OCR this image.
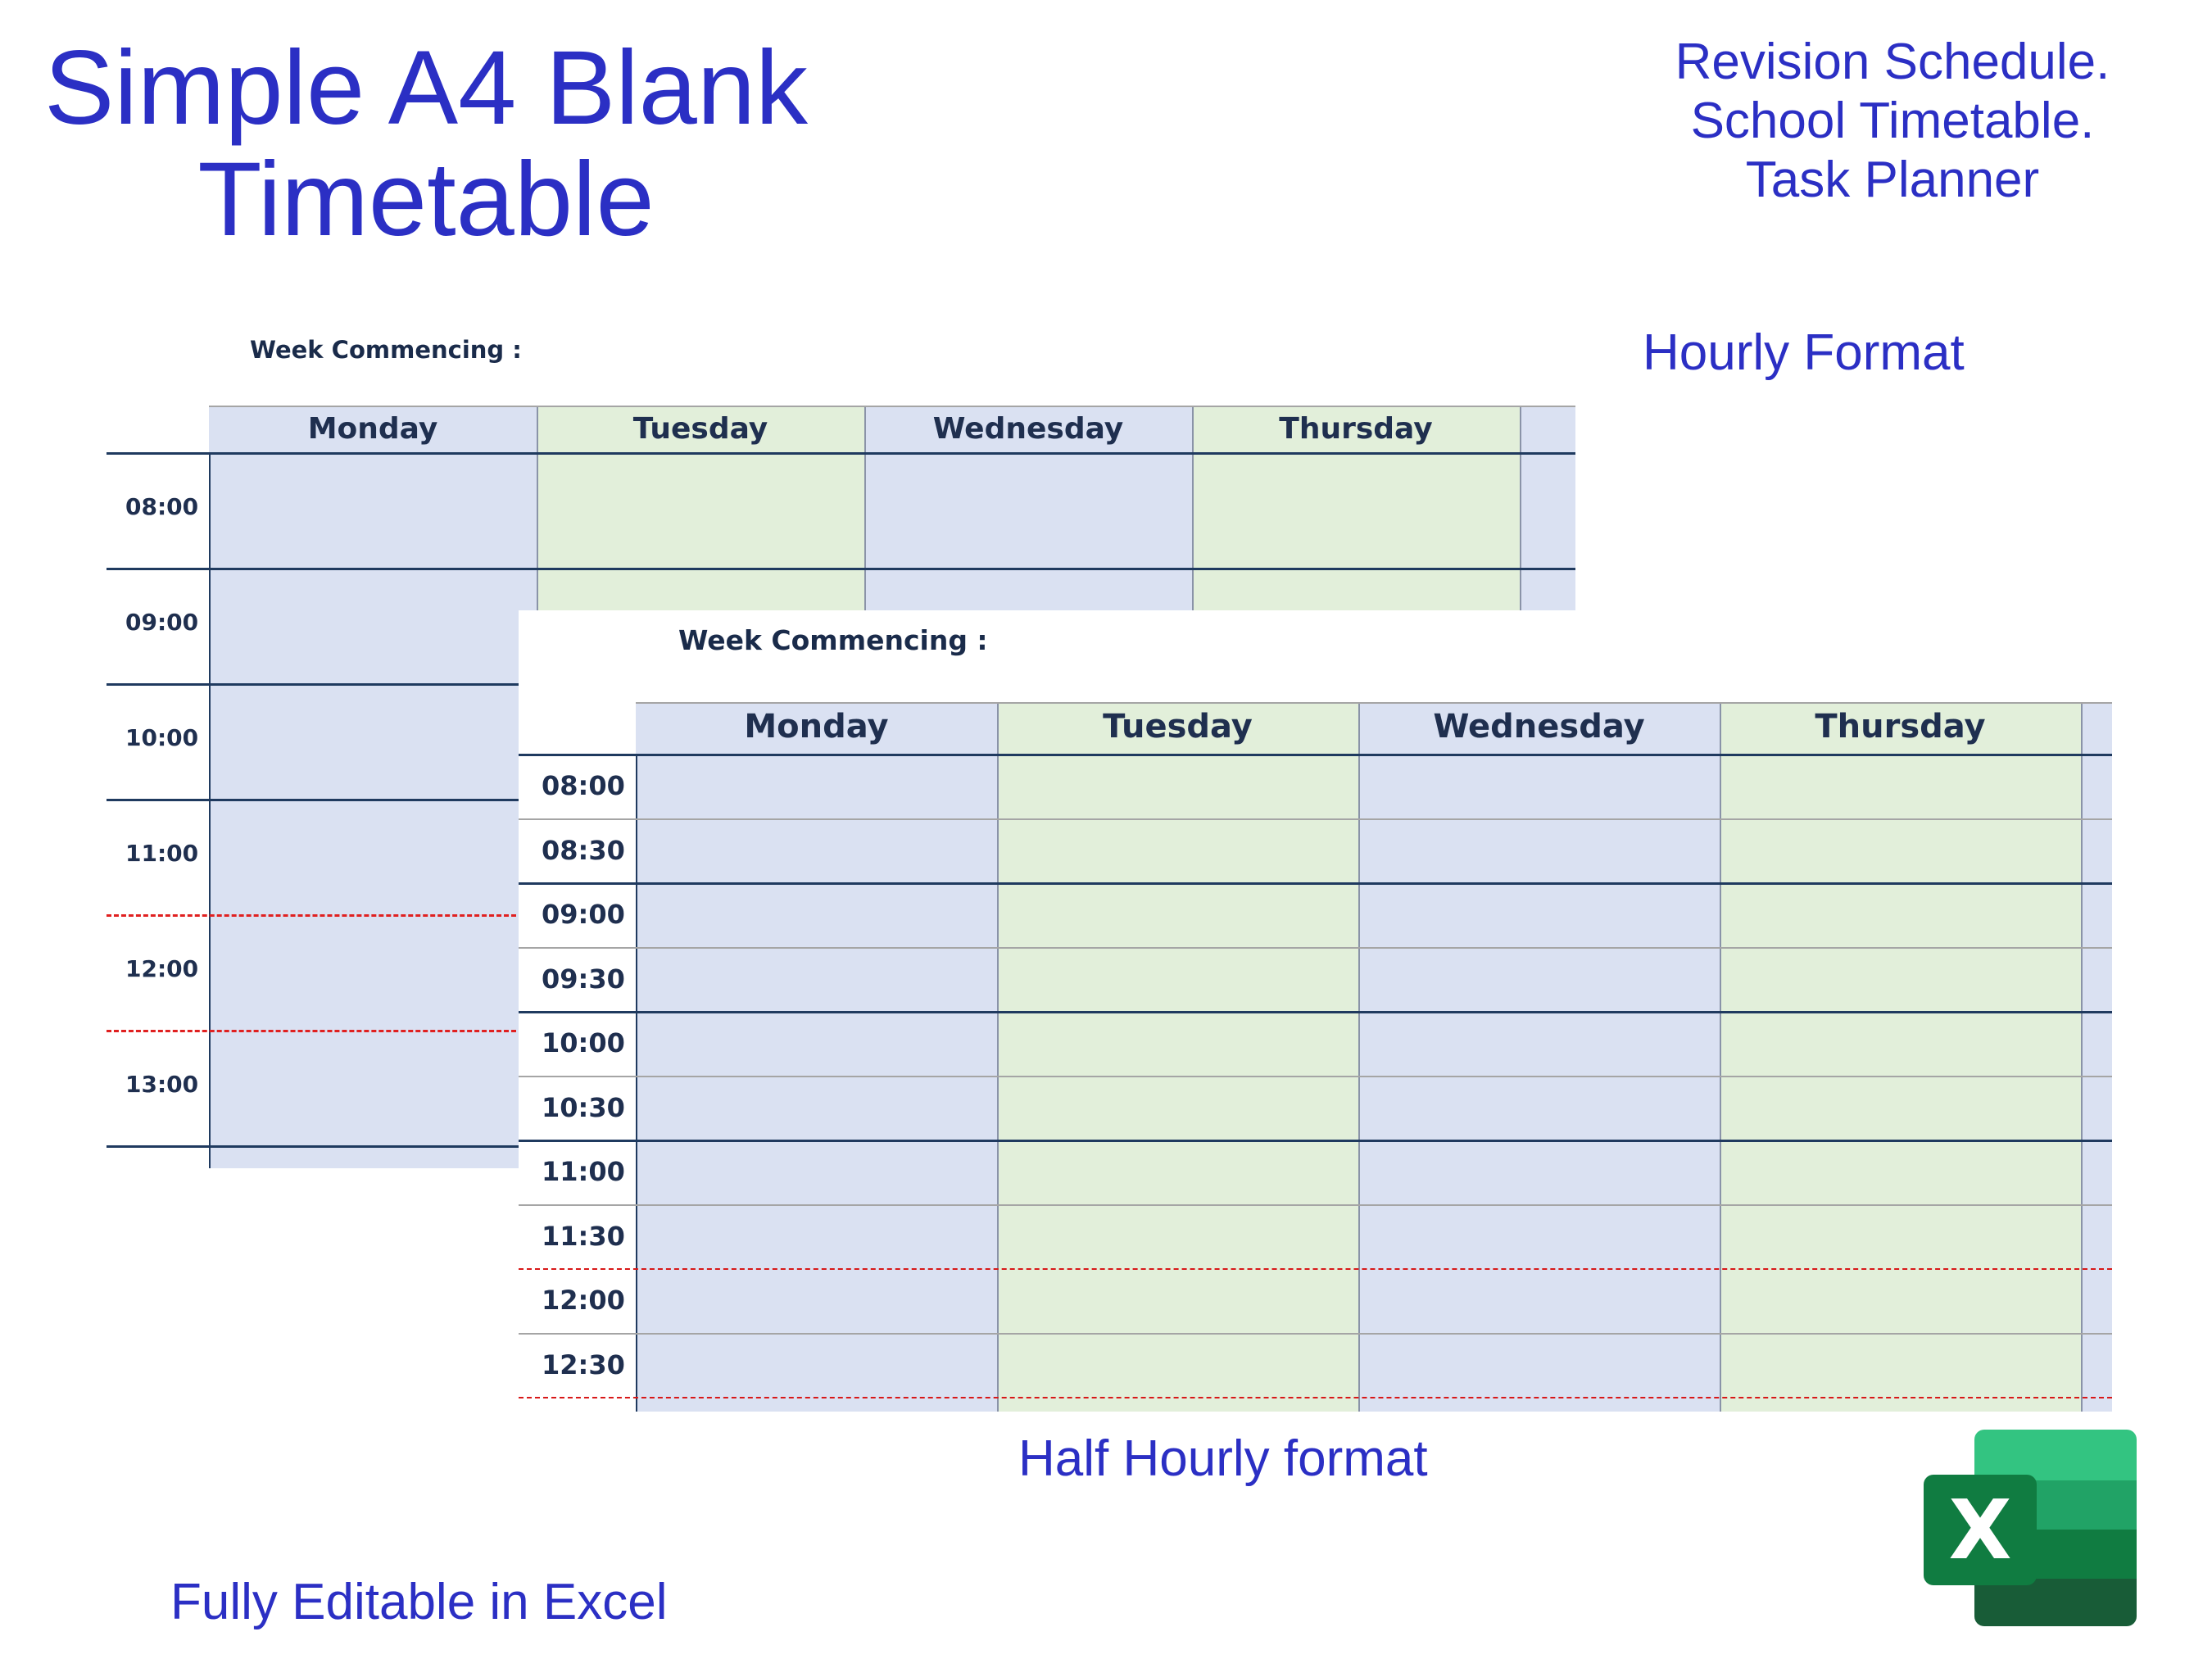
Simple A4 Blank
Timetable
Revision Schedule.
School Timetable.
Task Planner
Hourly Format
Week Commencing :
Monday	Tuesday	Wednesday	Thursday
08:00
09:00
10:00
11:00
12:00
13:00
Week Commencing :
Monday	Tuesday	Wednesday	Thursday
08:00
08:30
09:00
09:30
10:00
10:30
11:00
11:30
12:00
12:30
Half Hourly format
Fully Editable in Excel
X
